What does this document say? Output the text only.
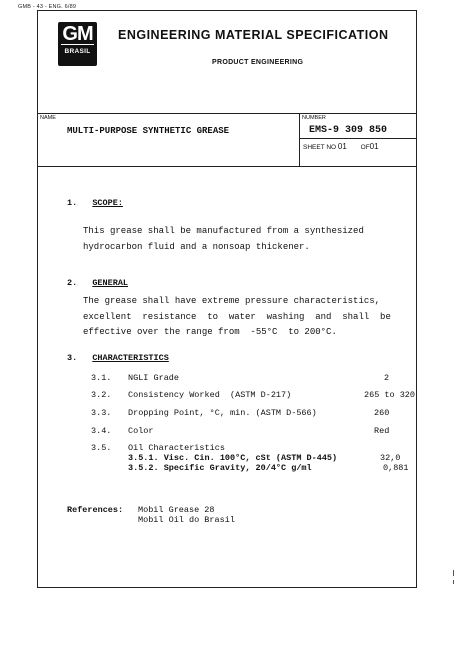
GMB - 43 - ENG. 6/89
GM
BRASIL
ENGINEERING MATERIAL SPECIFICATION
PRODUCT ENGINEERING
NAME
MULTI-PURPOSE SYNTHETIC GREASE
NUMBER
EMS-9 309 850
SHEET NO 01 OF01
1. SCOPE:
This grease shall be manufactured from a synthesized
hydrocarbon fluid and a nonsoap thickener.
2. GENERAL
The grease shall have extreme pressure characteristics,
excellent  resistance  to  water  washing  and  shall  be
effective over the range from  -55°C  to 200°C.
3. CHARACTERISTICS
3.1. NGLI Grade	2
3.2. Consistency Worked  (ASTM D-217)	265 to 320
3.3. Dropping Point, °C, min. (ASTM D-566)	260
3.4. Color	Red
3.5. Oil Characteristics
3.5.1. Visc. Cin. 100°C, cSt (ASTM D-445)	32,0
3.5.2. Specific Gravity, 20/4°C g/ml	0,881
References: Mobil Grease 28
Mobil Oil do Brasil
